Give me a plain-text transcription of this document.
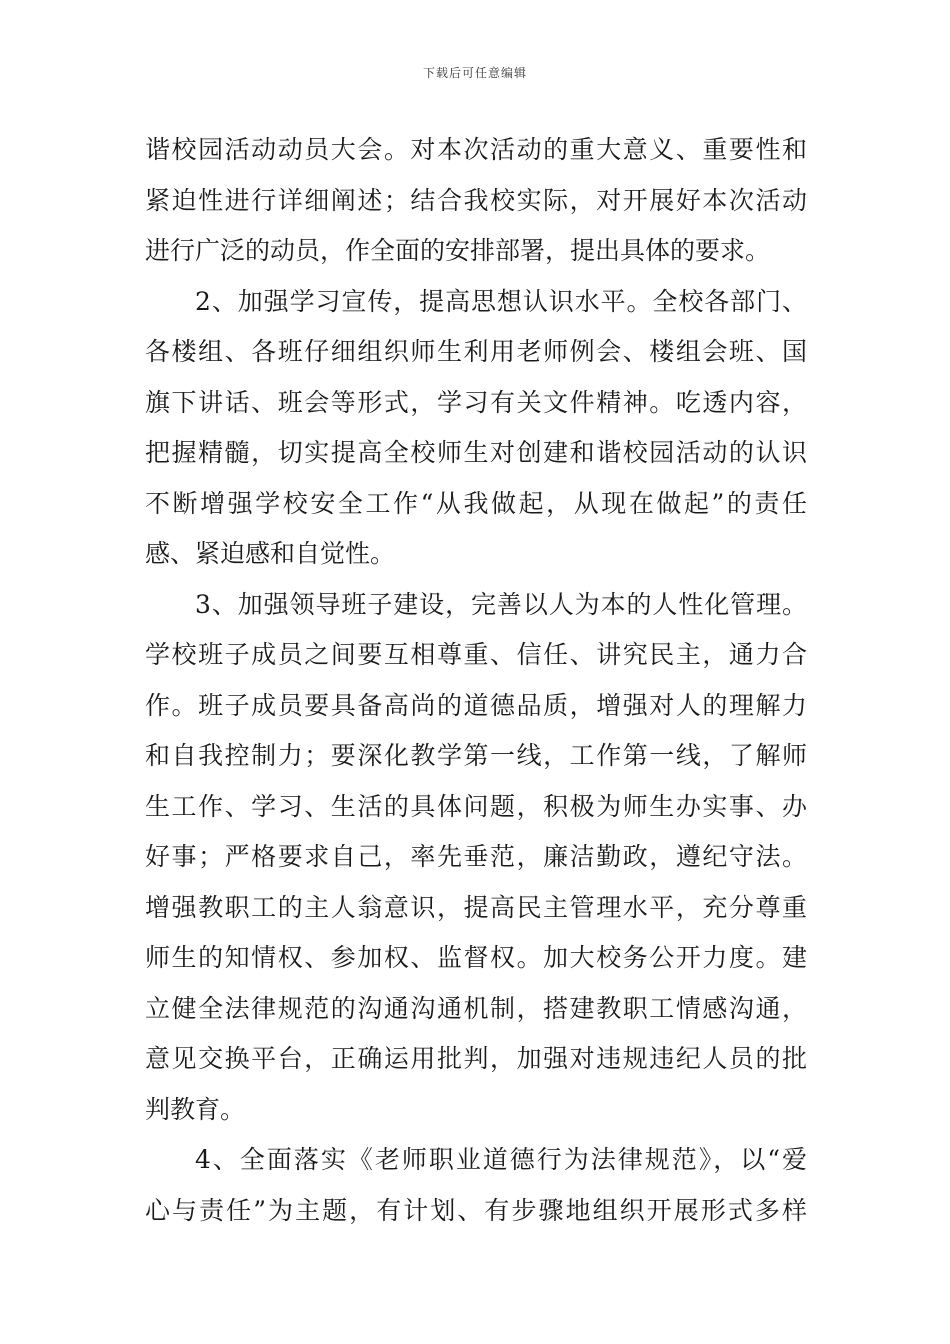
下载后可任意编辑
谐校园活动动员大会。对本次活动的重大意义、重要性和
紧迫性进行详细阐述；结合我校实际，对开展好本次活动
进行广泛的动员，作全面的安排部署，提出具体的要求。
2、加强学习宣传，提高思想认识水平。全校各部门、
各楼组、各班仔细组织师生利用老师例会、楼组会班、国
旗下讲话、班会等形式，学习有关文件精神。吃透内容，
把握精髓，切实提高全校师生对创建和谐校园活动的认识
不断增强学校安全工作“从我做起，从现在做起”的责任
感、紧迫感和自觉性。
3、加强领导班子建设，完善以人为本的人性化管理。
学校班子成员之间要互相尊重、信任、讲究民主，通力合
作。班子成员要具备高尚的道德品质，增强对人的理解力
和自我控制力；要深化教学第一线，工作第一线，了解师
生工作、学习、生活的具体问题，积极为师生办实事、办
好事；严格要求自己，率先垂范，廉洁勤政，遵纪守法。
增强教职工的主人翁意识，提高民主管理水平，充分尊重
师生的知情权、参加权、监督权。加大校务公开力度。建
立健全法律规范的沟通沟通机制，搭建教职工情感沟通，
意见交换平台，正确运用批判，加强对违规违纪人员的批
判教育。
4、全面落实《老师职业道德行为法律规范》，以“爱
心与责任”为主题，有计划、有步骤地组织开展形式多样
